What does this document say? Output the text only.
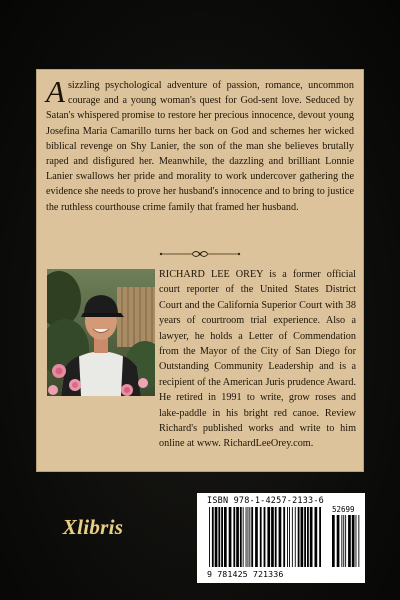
Asizzling psychological adventure of passion, romance, uncommon courage and a young woman's quest for God-sent love. Seduced by Satan's whispered promise to restore her precious innocence, devout young Josefina Maria Camarillo turns her back on God and schemes her wicked biblical revenge on Shy Lanier, the son of the man she believes brutally raped and disfigured her. Meanwhile, the dazzling and brilliant Lonnie Lanier swallows her pride and morality to work undercover gathering the evidence she needs to prove her husband's innocence and to bring to justice the ruthless courthouse crime family that framed her husband.

RICHARD LEE OREY is a former official court reporter of the United States District Court and the California Superior Court with 38 years of courtroom trial experience. Also a lawyer, he holds a Letter of Commendation from the Mayor of the City of San Diego for Outstanding Community Leadership and is a recipient of the American Juris prudence Award. He retired in 1991 to write, grow roses and lake-paddle in his bright red canoe. Review Richard's published works and write to him online at www. RichardLeeOrey.com.

Xlibris
ISBN 978-1-4257-2133-6
52699
9 781425 721336
